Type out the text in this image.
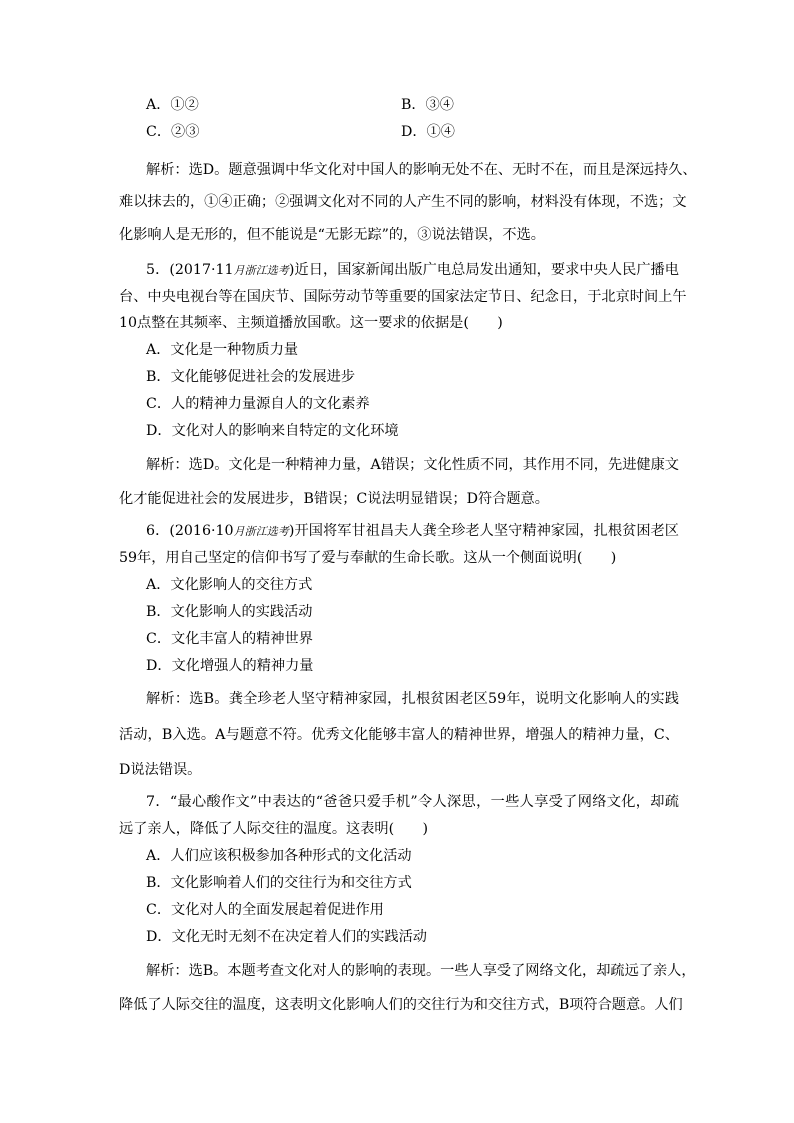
A．①②	B．③④
C．②③	D．①④
解析：选D。题意强调中华文化对中国人的影响无处不在、无时不在，而且是深远持久、
难以抹去的，①④正确；②强调文化对不同的人产生不同的影响，材料没有体现，不选；文
化影响人是无形的，但不能说是“无影无踪”的，③说法错误，不选。
5．(2017·11月浙江选考)近日，国家新闻出版广电总局发出通知，要求中央人民广播电
台、中央电视台等在国庆节、国际劳动节等重要的国家法定节日、纪念日，于北京时间上午
10点整在其频率、主频道播放国歌。这一要求的依据是(　　)
A．文化是一种物质力量
B．文化能够促进社会的发展进步
C．人的精神力量源自人的文化素养
D．文化对人的影响来自特定的文化环境
解析：选D。文化是一种精神力量，A错误；文化性质不同，其作用不同，先进健康文
化才能促进社会的发展进步，B错误；C说法明显错误；D符合题意。
6．(2016·10月浙江选考)开国将军甘祖昌夫人龚全珍老人坚守精神家园，扎根贫困老区
59年，用自己坚定的信仰书写了爱与奉献的生命长歌。这从一个侧面说明(　　)
A．文化影响人的交往方式
B．文化影响人的实践活动
C．文化丰富人的精神世界
D．文化增强人的精神力量
解析：选B。龚全珍老人坚守精神家园，扎根贫困老区59年，说明文化影响人的实践
活动，B入选。A与题意不符。优秀文化能够丰富人的精神世界，增强人的精神力量，C、
D说法错误。
7．“最心酸作文”中表达的“爸爸只爱手机”令人深思，一些人享受了网络文化，却疏
远了亲人，降低了人际交往的温度。这表明(　　)
A．人们应该积极参加各种形式的文化活动
B．文化影响着人们的交往行为和交往方式
C．文化对人的全面发展起着促进作用
D．文化无时无刻不在决定着人们的实践活动
解析：选B。本题考查文化对人的影响的表现。一些人享受了网络文化，却疏远了亲人，
降低了人际交往的温度，这表明文化影响人们的交往行为和交往方式，B项符合题意。人们
